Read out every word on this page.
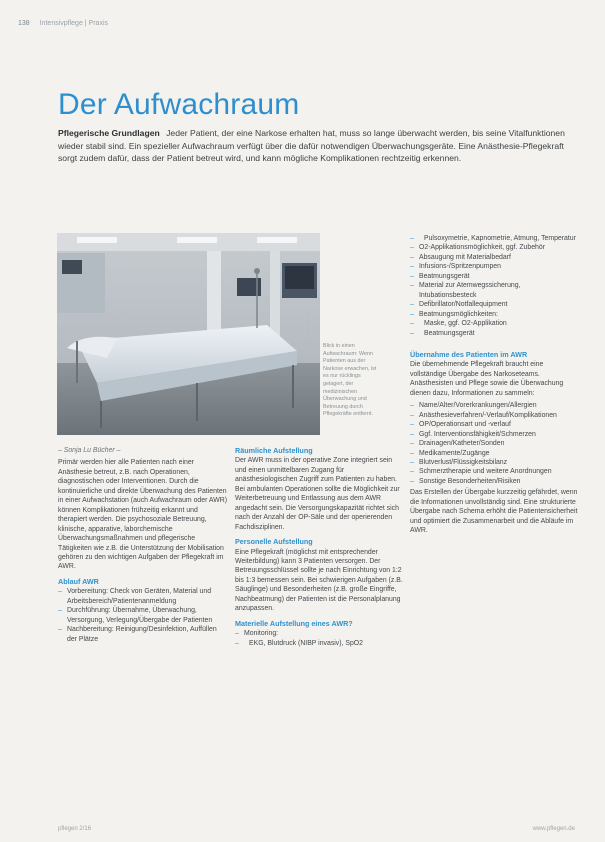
138 Intensivpflege | Praxis
Der Aufwachraum
Pflegerische Grundlagen Jeder Patient, der eine Narkose erhalten hat, muss so lange überwacht werden, bis seine Vitalfunktionen wieder stabil sind. Ein spezieller Aufwachraum verfügt über die dafür notwendigen Überwachungsgeräte. Eine Anästhesie-Pflegekraft sorgt zudem dafür, dass der Patient betreut wird, und kann mögliche Komplikationen rechtzeitig erkennen.
Foto: Anästhesiebereich Blick in einen Aufwachraum: Wenn Patienten aus der Narkose erwachen, ist es nur rücklings gelagert, der medizinischen Überwachung und Betreuung durch Pflegekräfte entfernt.

– Sonja Lu Bücher –

Primär werden hier alle Patienten nach einer Anästhesie betreut, z.B. nach Operationen, diagnostischen oder Interventionen. Durch die kontinuierliche und direkte Überwachung des Patienten in einer Aufwachstation (auch Aufwachraum oder AWR) können Komplikationen frühzeitig erkannt und therapiert werden. Die psychosoziale Betreuung, klinische, apparative, laborchemische Überwachungsmaßnahmen und pflegerische Tätigkeiten wie z.B. die Unterstützung der Mobilisation gehören zu den wichtigen Aufgaben der Pflegekraft im AWR.

Ablauf AWR
– Vorbereitung: Check von Geräten, Material und Arbeitsbereich/Patientenanmeldung
– Durchführung: Übernahme, Überwachung, Versorgung, Verlegung/Übergabe der Patienten
– Nachbereitung: Reinigung/Desinfektion, Auffüllen der Plätze
Räumliche Aufstellung

Der AWR muss in der operative Zone integriert sein und einen unmittelbaren Zugang für anästhesiologischen Zugriff zum Patienten zu haben. Bei ambulanten Operationen sollte die Möglichkeit zur Weiterbetreuung und Entlassung aus dem AWR angedacht sein. Die Versorgungskapazität richtet sich nach der Anzahl der OP-Säle und der operierenden Fachdisziplinen.

Personelle Aufstellung

Eine Pflegekraft (möglichst mit entsprechender Weiterbildung) kann 3 Patienten versorgen. Der Betreuungsschlüssel sollte je nach Einrichtung von 1:2 bis 1:3 bemessen sein. Bei schwierigen Aufgaben (z.B. Säuglinge) und Besonderheiten (z.B. große Eingriffe, Nachbeatmung) der Patienten ist die Personalplanung anzupassen.

Materielle Aufstellung eines AWR?
– Monitoring:
– EKG, Blutdruck (NIBP invasiv), SpO2
– Pulsoxymetrie, Kapnometrie, Atmung, Temperatur
– O2-Applikationsmöglichkeit, ggf. Zubehör
– Absaugung mit Materialbedarf
– Infusions-/Spritzenpumpen
– Beatmungsgerät
– Material zur Atemwegssicherung, Intubationsbesteck
– Defibrillator/Notfallequipment
– Beatmungsmöglichkeiten:
– Maske, ggf. O2-Applikation
– Beatmungsgerät
Übernahme des Patienten im AWR

Die übernehmende Pflegekraft braucht eine vollständige Übergabe des Narkoseteams. Anästhesisten und Pflege sowie die Überwachung dienen dazu, Informationen zu sammeln:

– Name/Alter/Vorerkrankungen/Allergien
– Anästhesieverfahren/-Verlauf/Komplikationen
– OP/Operationsart und -verlauf
– Ggf. Interventionsfähigkeit/Schmerzen
– Drainagen/Katheter/Sonden
– Medikamente/Zugänge
– Blutverlust/Flüssigkeitsbilanz
– Schmerztherapie und weitere Anordnungen
– Sonstige Besonderheiten/Risiken

Das Erstellen der Übergabe kurzzeitig gefährdet, wenn die Informationen unvollständig sind. Eine strukturierte Übergabe nach Schema erhöht die Patientensicherheit und optimiert die Zusammenarbeit und die Abläufe im AWR.

pflegen 2/16	www.pflegen.de
